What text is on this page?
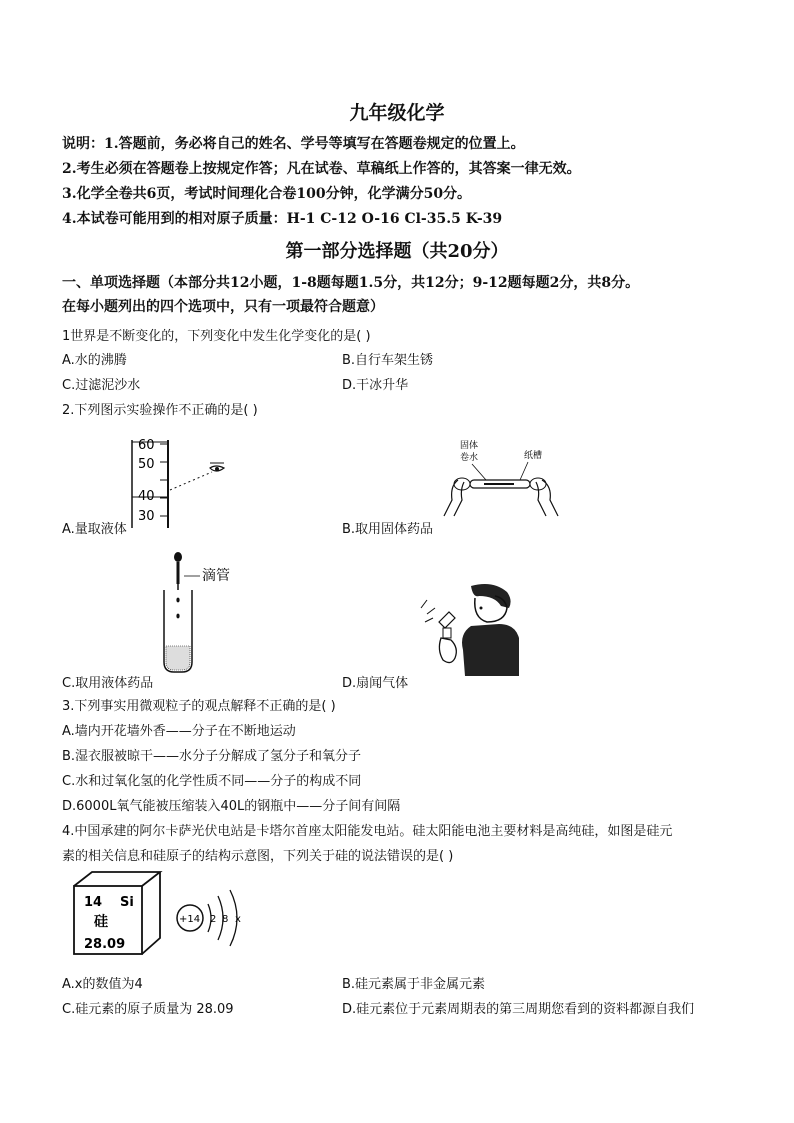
九年级化学
说明：1.答题前，务必将自己的姓名、学号等填写在答题卷规定的位置上。
2.考生必须在答题卷上按规定作答；凡在试卷、草稿纸上作答的，其答案一律无效。
3.化学全卷共6页，考试时间理化合卷100分钟，化学满分50分。
4.本试卷可能用到的相对原子质量：H-1 C-12 O-16 Cl-35.5 K-39
第一部分选择题（共20分）
一、单项选择题（本部分共12小题，1-8题每题1.5分，共12分；9-12题每题2分，共8分。
在每小题列出的四个选项中，只有一项最符合题意）
1世界是不断变化的，下列变化中发生化学变化的是( )
A.水的沸腾	B.自行车架生锈
C.过滤泥沙水	D.干冰升华
2.下列图示实验操作不正确的是( )
60
50
40
30
A.量取液体
固体
卷水	纸槽
B.取用固体药品
滴管
C.取用液体药品	D.扇闻气体
3.下列事实用微观粒子的观点解释不正确的是( )
A.墙内开花墙外香——分子在不断地运动
B.湿衣服被晾干——水分子分解成了氢分子和氧分子
C.水和过氧化氢的化学性质不同——分子的构成不同
D.6000L氧气能被压缩装入40L的钢瓶中——分子间有间隔
4.中国承建的阿尔卡萨光伏电站是卡塔尔首座太阳能发电站。硅太阳能电池主要材料是高纯硅，如图是硅元
素的相关信息和硅原子的结构示意图，下列关于硅的说法错误的是( )
14 Si
硅
28.09
+14 2 8 x
A.x的数值为4	B.硅元素属于非金属元素
C.硅元素的原子质量为 28.09	D.硅元素位于元素周期表的第三周期您看到的资料都源自我们
